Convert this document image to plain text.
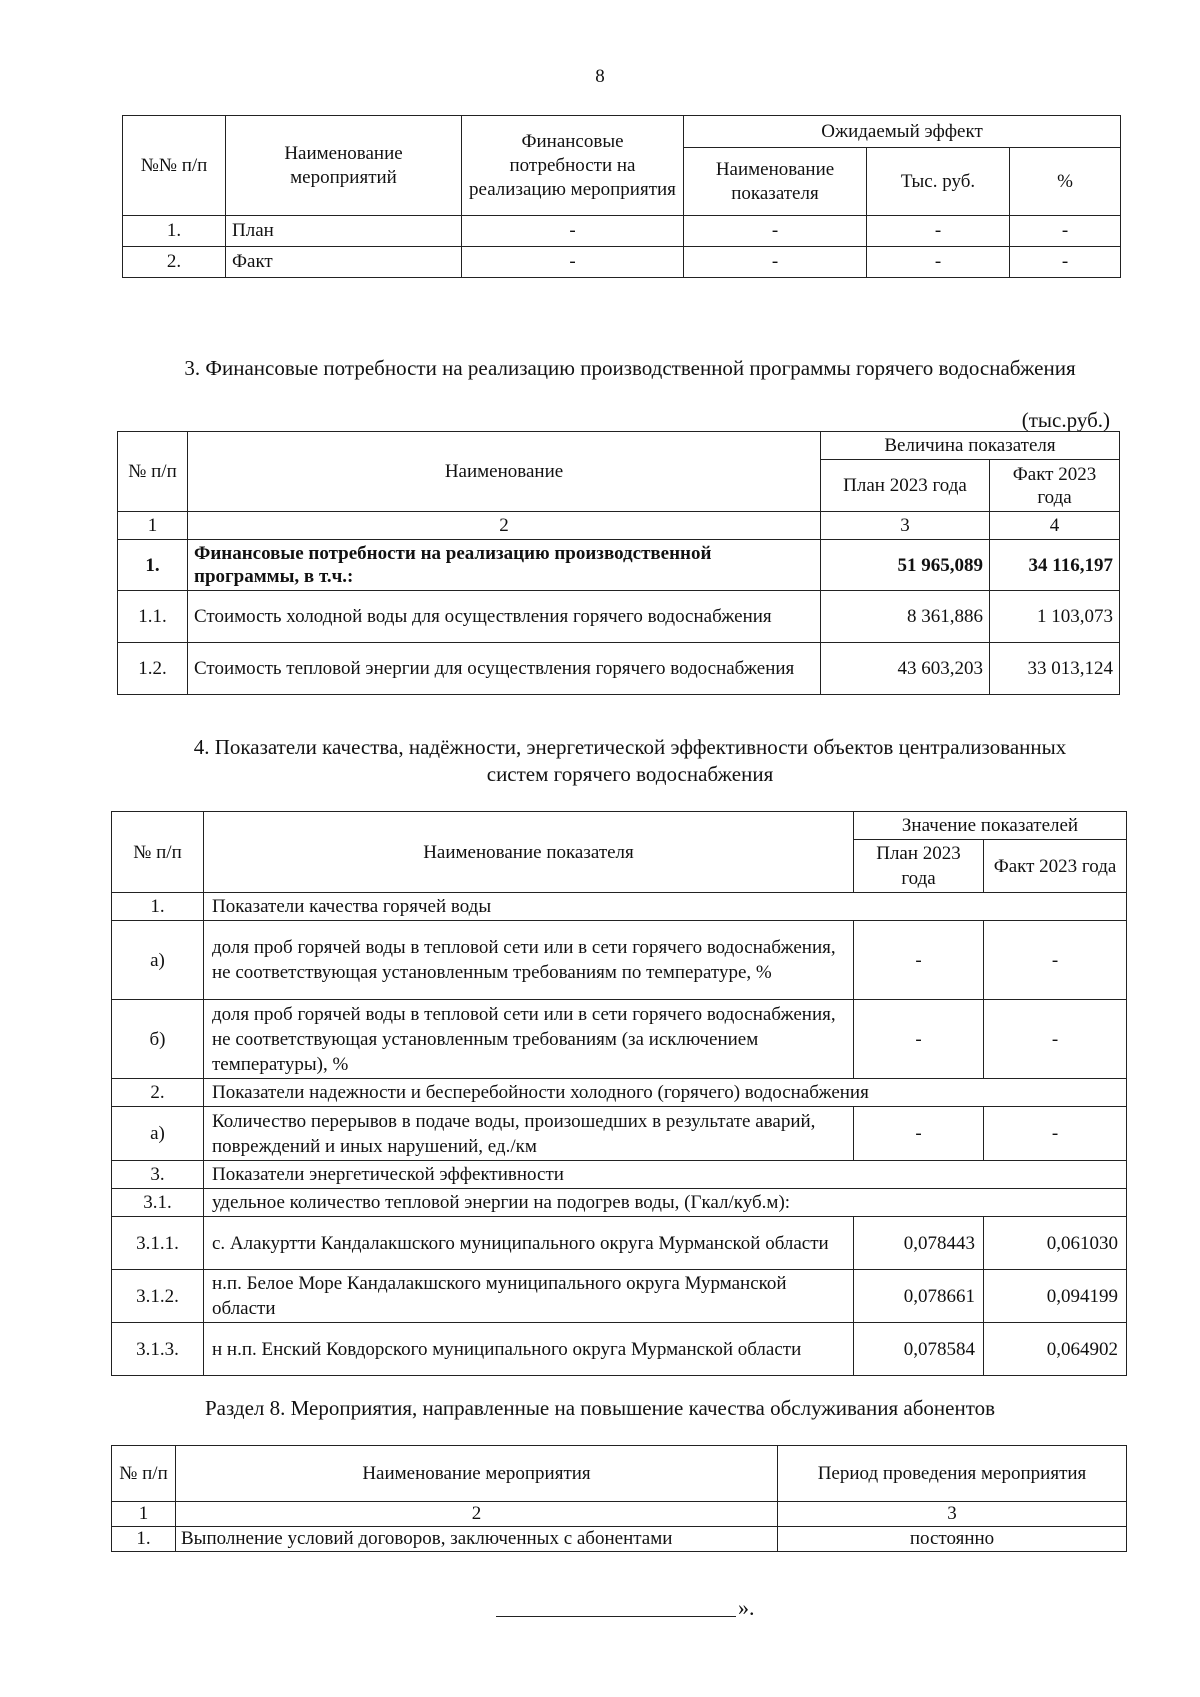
8
№№ п/п	Наименование мероприятий	Финансовые потребности на реализацию мероприятия	Ожидаемый эффект		
			Наименование показателя	Тыс. руб.	%
1.	План	-	-	-	-
2.	Факт	-	-	-	-
3. Финансовые потребности на реализацию производственной программы горячего водоснабжения
(тыс.руб.)
№ п/п	Наименование	Величина показателя	
		План 2023 года	Факт 2023 года
1	2	3	4
1.	Финансовые потребности на реализацию производственной программы, в т.ч.:	51 965,089	34 116,197
1.1.	Стоимость холодной воды для осуществления горячего водоснабжения	8 361,886	1 103,073
1.2.	Стоимость тепловой энергии для осуществления горячего водоснабжения	43 603,203	33 013,124
4. Показатели качества, надёжности, энергетической эффективности объектов централизованных систем горячего водоснабжения
№ п/п	Наименование показателя	Значение показателей	
		План 2023 года	Факт 2023 года
1.	Показатели качества горячей воды		
а)	доля проб горячей воды в тепловой сети или в сети горячего водоснабжения, не соответствующая установленным требованиям по температуре, %	-	-
б)	доля проб горячей воды в тепловой сети или в сети горячего водоснабжения, не соответствующая установленным требованиям (за исключением температуры), %	-	-
2.	Показатели надежности и бесперебойности холодного (горячего) водоснабжения		
а)	Количество перерывов в подаче воды, произошедших в результате аварий, повреждений и иных нарушений, ед./км	-	-
3.	Показатели энергетической эффективности		
3.1.	удельное количество тепловой энергии на подогрев воды, (Гкал/куб.м):		
3.1.1.	с. Алакуртти Кандалакшского муниципального округа Мурманской области	0,078443	0,061030
3.1.2.	н.п. Белое Море Кандалакшского муниципального округа Мурманской области	0,078661	0,094199
3.1.3.	н н.п. Енский Ковдорского муниципального округа Мурманской области	0,078584	0,064902
Раздел 8. Мероприятия, направленные на повышение качества обслуживания абонентов
№ п/п	Наименование мероприятия	Период проведения мероприятия
1	2	3
1.	Выполнение условий договоров, заключенных с абонентами	постоянно
».
